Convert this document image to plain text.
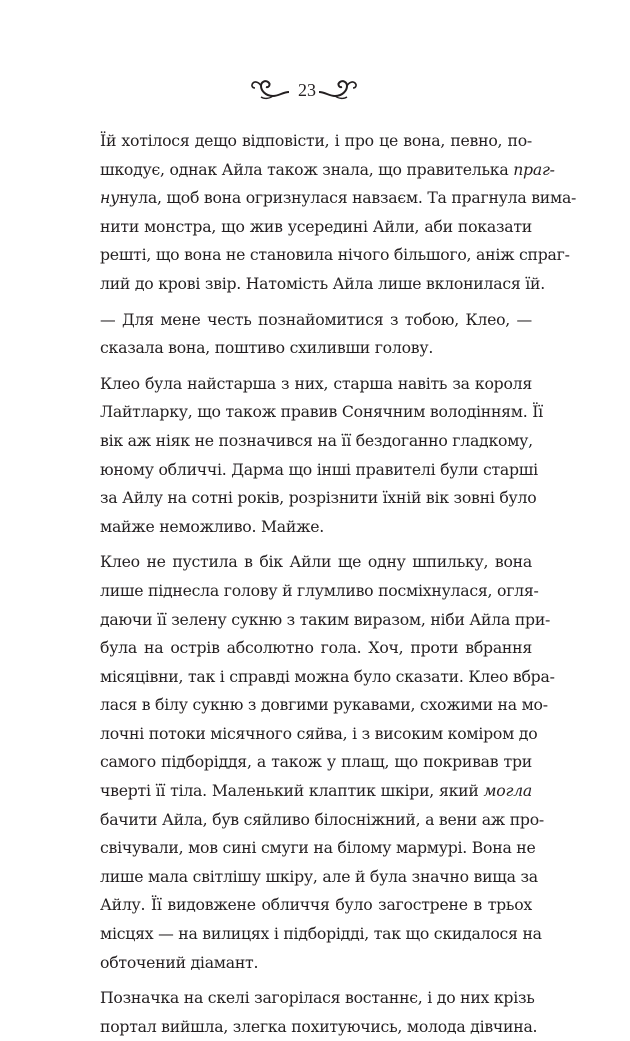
23

Їй хотілося дещо відповісти, і про це вона, певно, по-
шкодує, однак Айла також знала, що правителька праг-
нунула, щоб вона огризнулася навзаєм. Та прагнула вима-
нити монстра, що жив усередині Айли, аби показати
решті, що вона не становила нічого більшого, аніж спраг-
лий до крові звір. Натомість Айла лише вклонилася їй.

— Для мене честь познайомитися з тобою, Клео, —
сказала вона, поштиво схиливши голову.

Клео була найстарша з них, старша навіть за короля
Лайтларку, що також правив Сонячним володінням. Її
вік аж ніяк не позначився на її бездоганно гладкому,
юному обличчі. Дарма що інші правителі були старші
за Айлу на сотні років, розрізнити їхній вік зовні було
майже неможливо. Майже.

Клео не пустила в бік Айли ще одну шпильку, вона
лише піднесла голову й глумливо посміхнулася, огля-
даючи її зелену сукню з таким виразом, ніби Айла при-
була на острів абсолютно гола. Хоч, проти вбрання
місяцівни, так і справді можна було сказати. Клео вбра-
лася в білу сукню з довгими рукавами, схожими на мо-
лочні потоки місячного сяйва, і з високим коміром до
самого підборіддя, а також у плащ, що покривав три
чверті її тіла. Маленький клаптик шкіри, який могла
бачити Айла, був сяйливо білосніжний, а вени аж про-
свічували, мов сині смуги на білому мармурі. Вона не
лише мала світлішу шкіру, але й була значно вища за
Айлу. Її видовжене обличчя було загострене в трьох
місцях — на вилицях і підборідді, так що скидалося на
обточений діамант.

Позначка на скелі загорілася востаннє, і до них крізь
портал вийшла, злегка похитуючись, молода дівчина.
